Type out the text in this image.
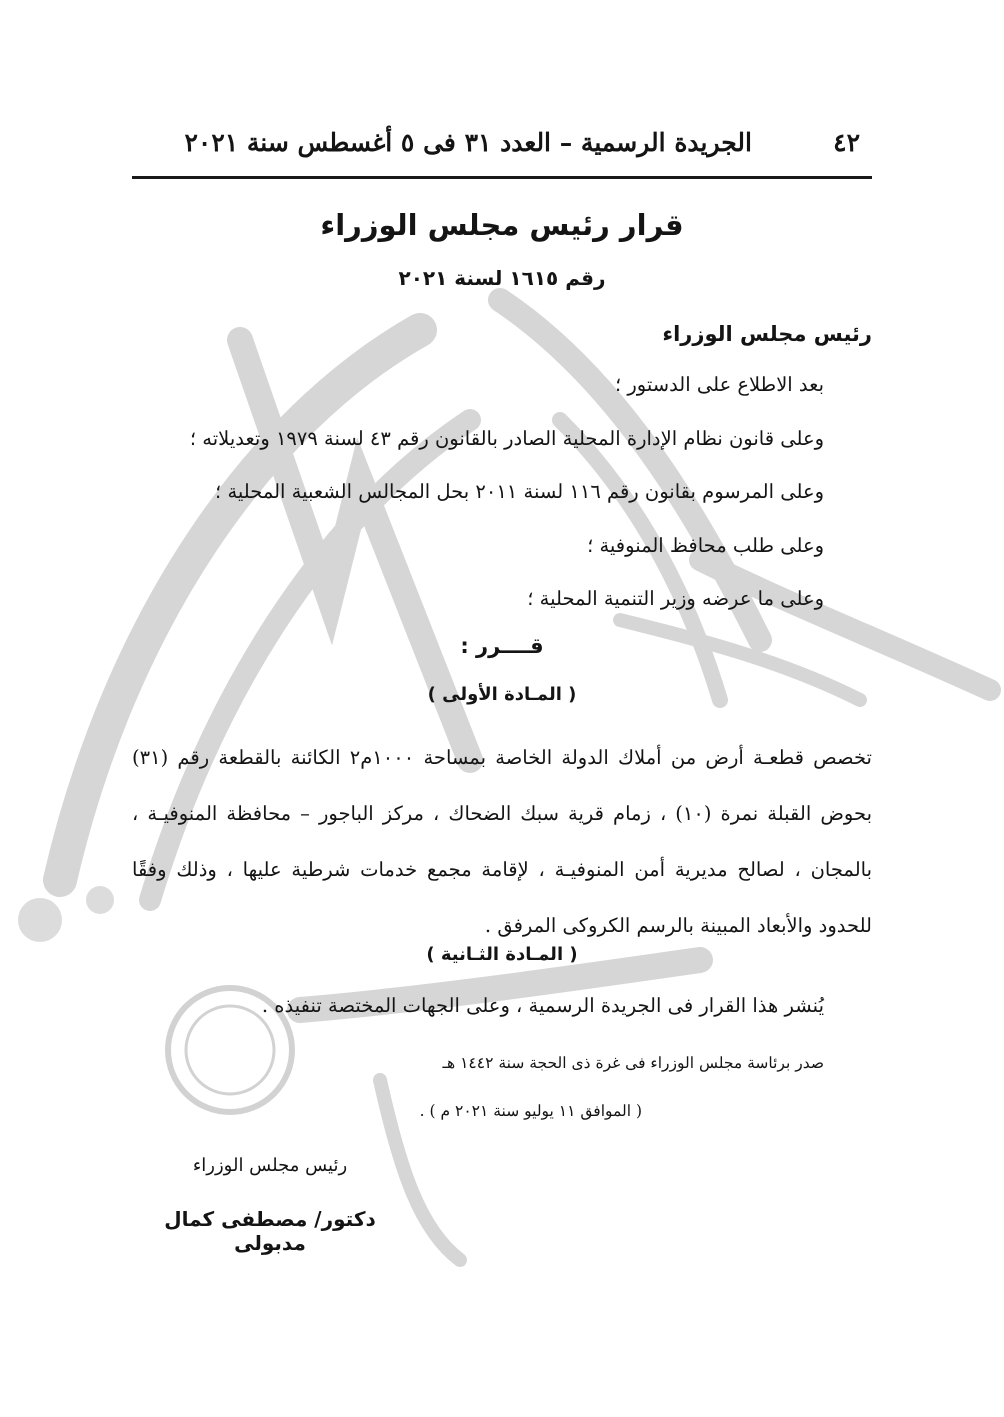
٤٢
الجريدة الرسمية – العدد ٣١ فى ٥ أغسطس سنة ٢٠٢١
قرار رئيس مجلس الوزراء
رقم ١٦١٥ لسنة ٢٠٢١
رئيس مجلس الوزراء
بعد الاطلاع على الدستور ؛
وعلى قانون نظام الإدارة المحلية الصادر بالقانون رقم ٤٣ لسنة ١٩٧٩ وتعديلاته ؛
وعلى المرسوم بقانون رقم ١١٦ لسنة ٢٠١١ بحل المجالس الشعبية المحلية ؛
وعلى طلب محافظ المنوفية ؛
وعلى ما عرضه وزير التنمية المحلية ؛
قــــرر :
( المـادة الأولى )
تخصص قطعـة أرض من أملاك الدولة الخاصة بمساحة ١٠٠٠م٢ الكائنة بالقطعة رقم (٣١) بحوض القبلة نمرة (١٠) ، زمام قرية سبك الضحاك ، مركز الباجور – محافظة المنوفيـة ، بالمجان ، لصالح مديرية أمن المنوفيـة ، لإقامة مجمع خدمات شرطية عليها ، وذلك وفقًا للحدود والأبعاد المبينة بالرسم الكروكى المرفق .
( المـادة الثـانية )
يُنشر هذا القرار فى الجريدة الرسمية ، وعلى الجهات المختصة تنفيذه .
صدر برئاسة مجلس الوزراء فى غرة ذى الحجة سنة ١٤٤٢ هـ
( الموافق ١١ يوليو سنة ٢٠٢١ م ) .
رئيس مجلس الوزراء
دكتور/ مصطفى كمال مدبولى
